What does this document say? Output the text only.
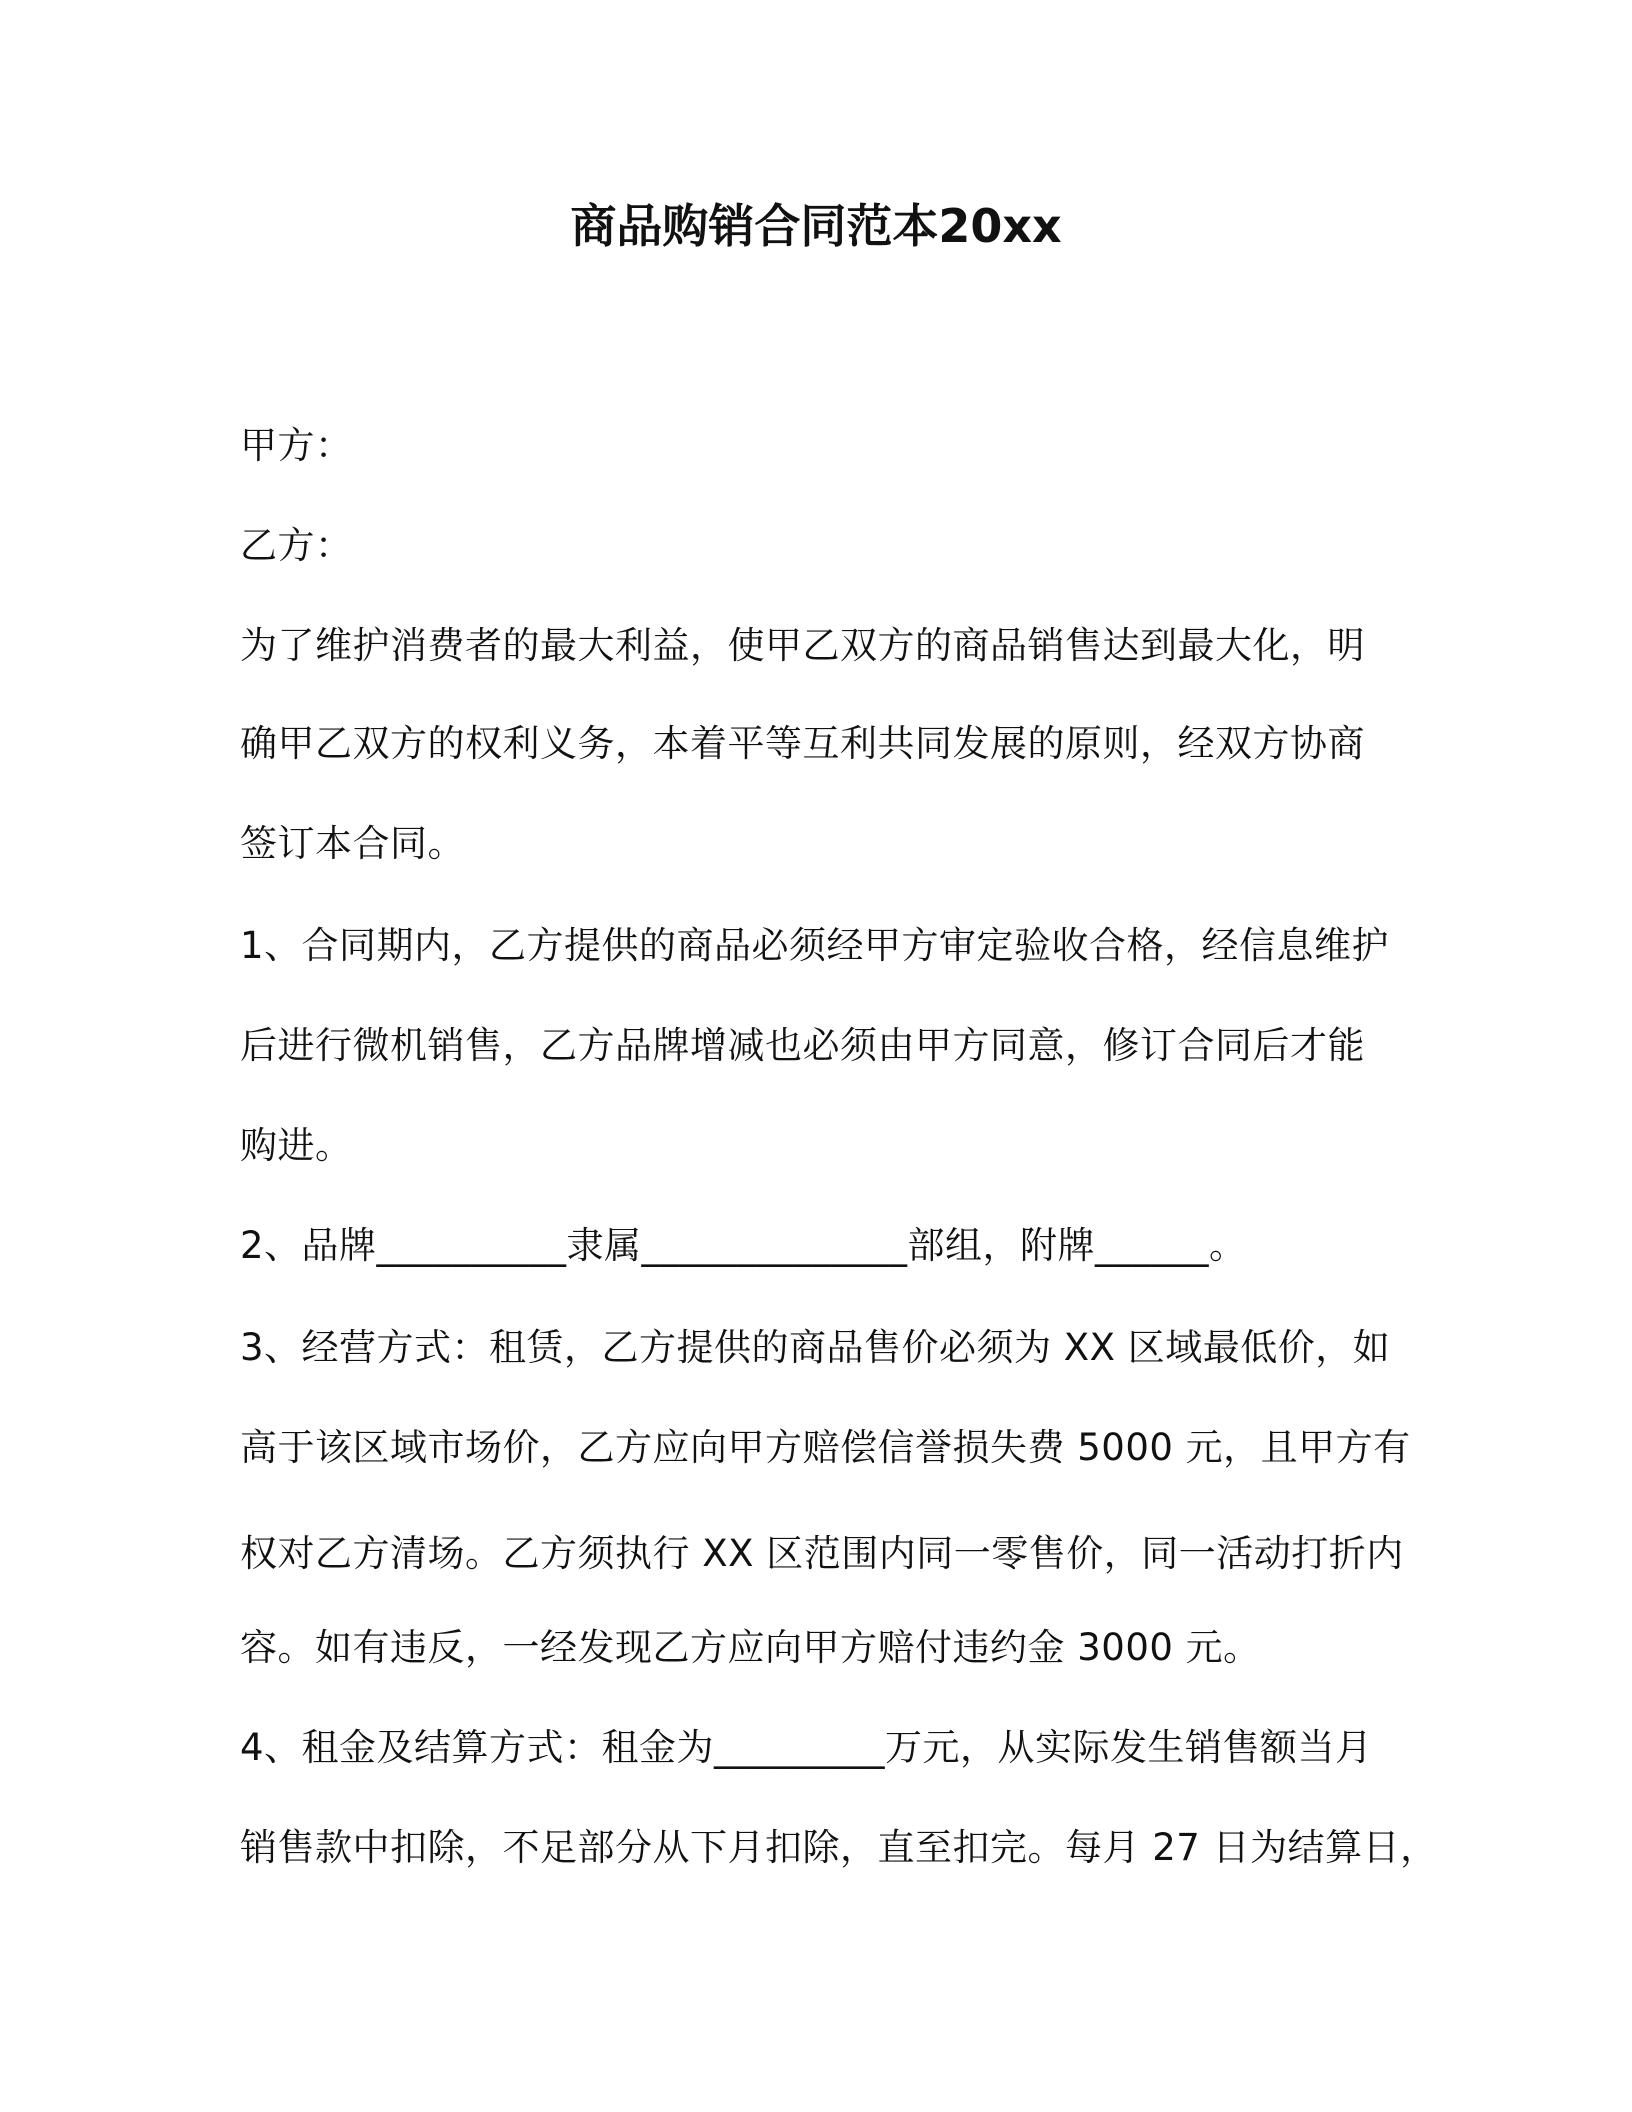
商品购销合同范本20xx
甲方：
乙方：
为了维护消费者的最大利益，使甲乙双方的商品销售达到最大化，明
确甲乙双方的权利义务，本着平等互利共同发展的原则，经双方协商
签订本合同。
1、合同期内，乙方提供的商品必须经甲方审定验收合格，经信息维护
后进行微机销售，乙方品牌增减也必须由甲方同意，修订合同后才能
购进。
2、品牌__________隶属______________部组，附牌______。
3、经营方式：租赁，乙方提供的商品售价必须为 XX 区域最低价，如
高于该区域市场价，乙方应向甲方赔偿信誉损失费 5000 元，且甲方有
权对乙方清场。乙方须执行 XX 区范围内同一零售价，同一活动打折内
容。如有违反，一经发现乙方应向甲方赔付违约金 3000 元。
4、租金及结算方式：租金为_________万元，从实际发生销售额当月
销售款中扣除，不足部分从下月扣除，直至扣完。每月 27 日为结算日，
